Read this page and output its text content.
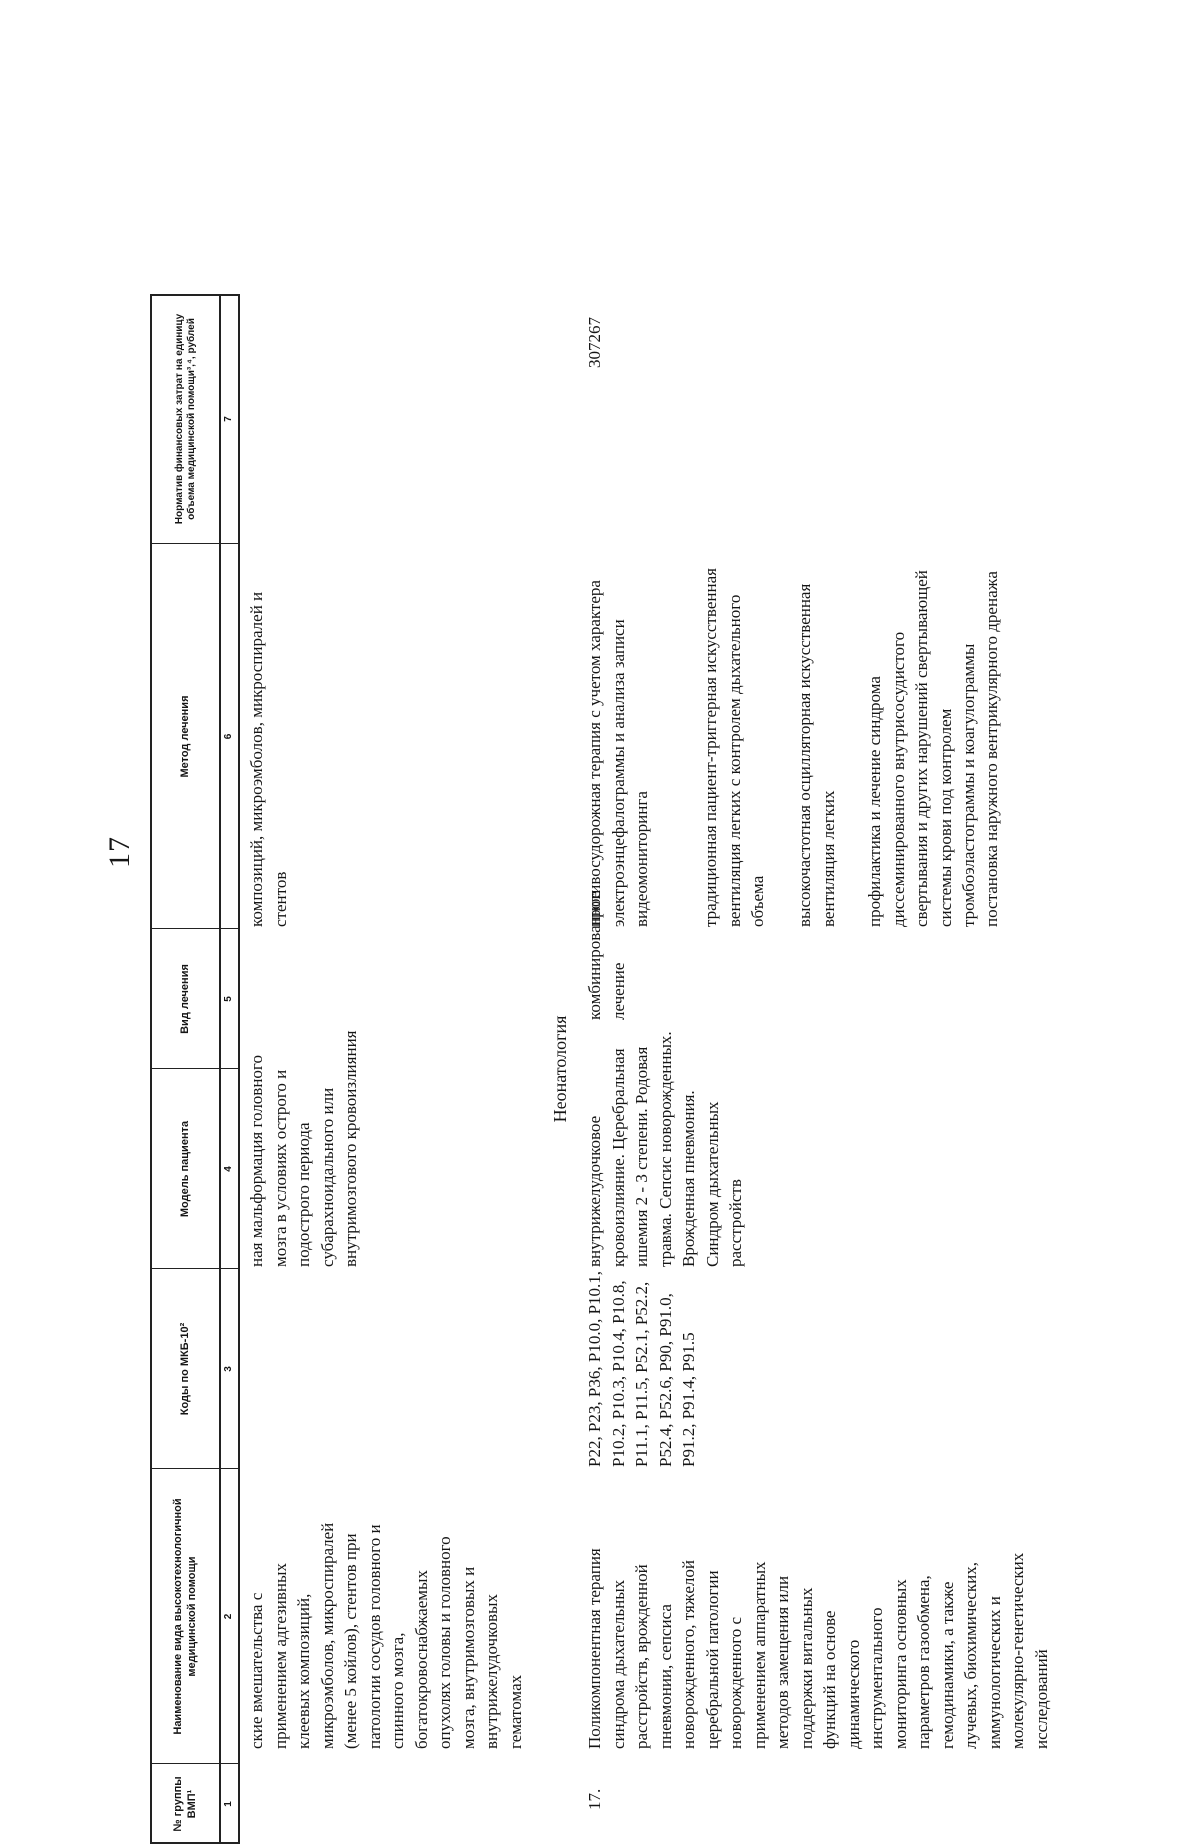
17
№ группы ВМП¹
Наименование вида высокотехнологичной медицинской помощи
Коды по МКБ-10²
Модель пациента
Вид лечения
Метод лечения
Норматив финансовых затрат на единицу объема медицинской помощи³,⁴, рублей
1
2
3
4
5
6
7
ские вмешательства с применением адгезивных клеевых композиций, микроэмболов, микроспиралей (менее 5 койлов), стентов при патологии сосудов головного и спинного мозга, богатокровоснабжаемых опухолях головы и головного мозга, внутримозговых и внутрижелудочковых гематомах
ная мальформация головного мозга в условиях острого и подострого периода субарахноидального или внутримозгового кровоизлияния
композиций, микроэмболов, микроспиралей и стентов
Неонатология
17.
Поликомпонентная терапия синдрома дыхательных расстройств, врожденной пневмонии, сепсиса новорожденного, тяжелой церебральной патологии новорожденного с применением аппаратных методов замещения или поддержки витальных функций на основе динамического инструментального мониторинга основных параметров газообмена, гемодинамики, а также лучевых, биохимических, иммунологических и молекулярно-генетических исследований
P22, P23, P36, P10.0, P10.1, P10.2, P10.3, P10.4, P10.8, P11.1, P11.5, P52.1, P52.2, P52.4, P52.6, P90, P91.0, P91.2, P91.4, P91.5
внутрижелудочковое кровоизлияние. Церебральная ишемия 2 - 3 степени. Родовая травма. Сепсис новорожденных. Врожденная пневмония. Синдром дыхательных расстройств
комбинированное лечение
противосудорожная терапия с учетом характера электроэнцефалограммы и анализа записи видеомониторинга	традиционная пациент-триггерная искусственная вентиляция легких с контролем дыхательного объема высокочастотная осцилляторная искусственная вентиляция легких профилактика и лечение синдрома диссеминированного внутрисосудистого свертывания и других нарушений свертывающей системы крови под контролем тромбоэластограммы и коагулограммы постановка наружного вентрикулярного дренажа
307267
